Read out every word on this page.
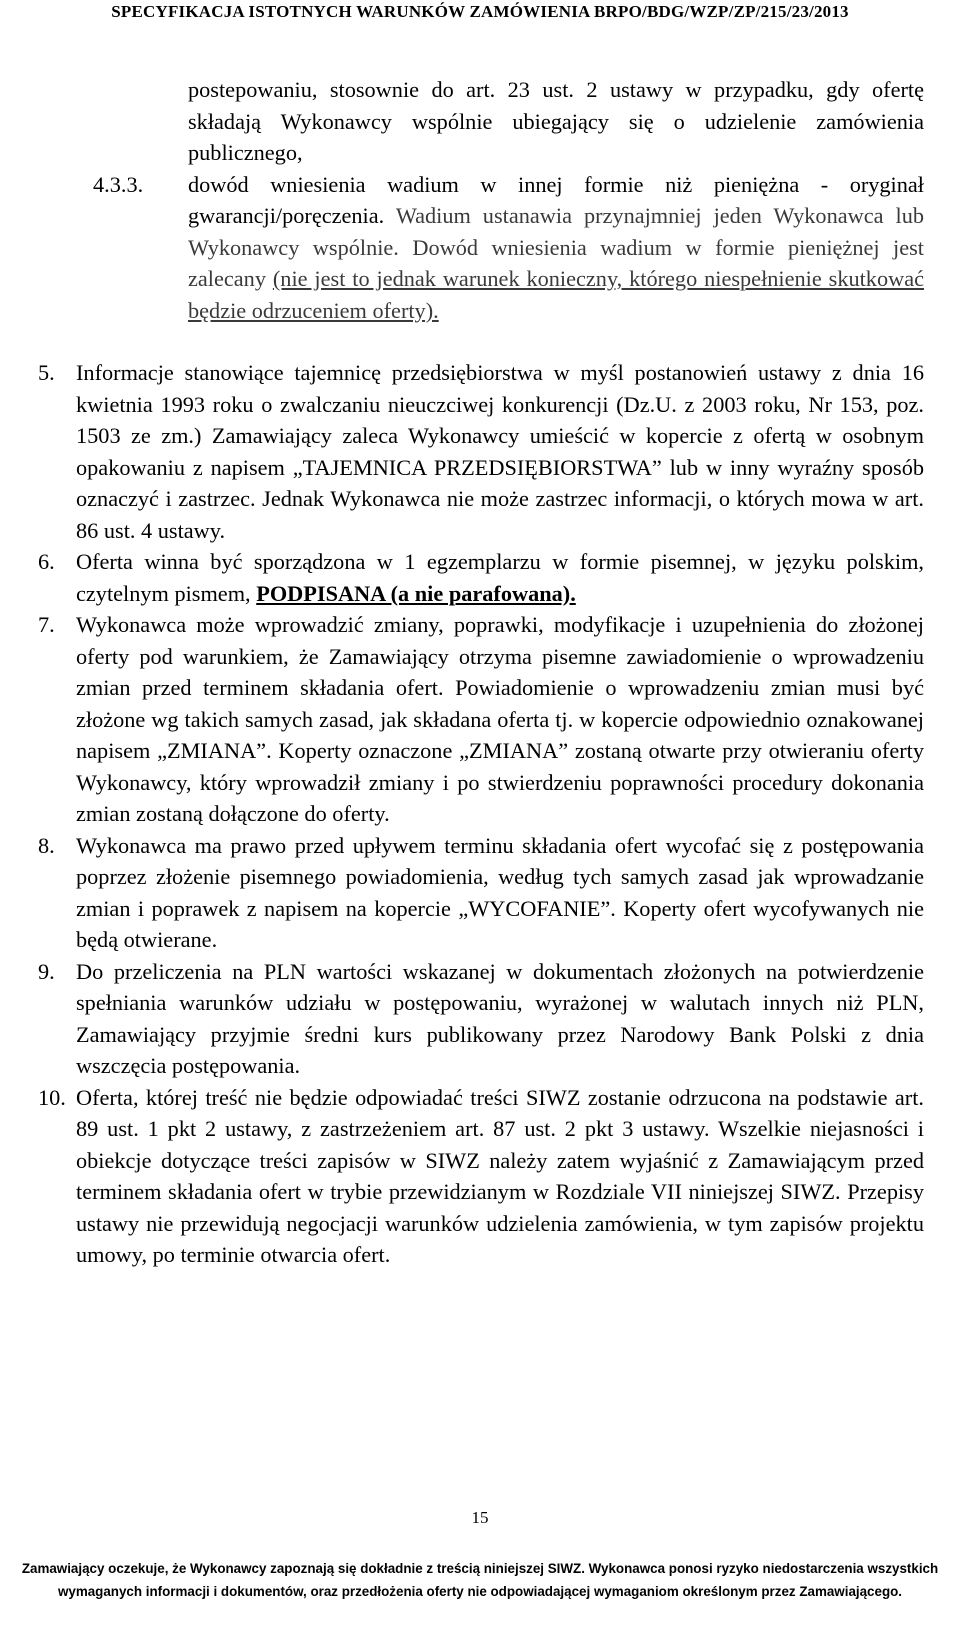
SPECYFIKACJA ISTOTNYCH WARUNKÓW ZAMÓWIENIA BRPO/BDG/WZP/ZP/215/23/2013

postepowaniu, stosownie do art. 23 ust. 2 ustawy w przypadku, gdy ofertę składają Wykonawcy wspólnie ubiegający się o udzielenie zamówienia publicznego,

4.3.3.	dowód wniesienia wadium w innej formie niż pieniężna - oryginał gwarancji/poręczenia. Wadium ustanawia przynajmniej jeden Wykonawca lub Wykonawcy wspólnie. Dowód wniesienia wadium w formie pieniężnej jest zalecany (nie jest to jednak warunek konieczny, którego niespełnienie skutkować będzie odrzuceniem oferty).
5. Informacje stanowiące tajemnicę przedsiębiorstwa w myśl postanowień ustawy z dnia 16 kwietnia 1993 roku o zwalczaniu nieuczciwej konkurencji (Dz.U. z 2003 roku, Nr 153, poz. 1503 ze zm.) Zamawiający zaleca Wykonawcy umieścić w kopercie z ofertą w osobnym opakowaniu z napisem „TAJEMNICA PRZEDSIĘBIORSTWA” lub w inny wyraźny sposób oznaczyć i zastrzec. Jednak Wykonawca nie może zastrzec informacji, o których mowa w art. 86 ust. 4 ustawy.
6. Oferta winna być sporządzona w 1 egzemplarzu w formie pisemnej, w języku polskim, czytelnym pismem, PODPISANA (a nie parafowana).
7. Wykonawca może wprowadzić zmiany, poprawki, modyfikacje i uzupełnienia do złożonej oferty pod warunkiem, że Zamawiający otrzyma pisemne zawiadomienie o wprowadzeniu zmian przed terminem składania ofert. Powiadomienie o wprowadzeniu zmian musi być złożone wg takich samych zasad, jak składana oferta tj. w kopercie odpowiednio oznakowanej napisem „ZMIANA”. Koperty oznaczone „ZMIANA” zostaną otwarte przy otwieraniu oferty Wykonawcy, który wprowadził zmiany i po stwierdzeniu poprawności procedury dokonania zmian zostaną dołączone do oferty.
8. Wykonawca ma prawo przed upływem terminu składania ofert wycofać się z postępowania poprzez złożenie pisemnego powiadomienia, według tych samych zasad jak wprowadzanie zmian i poprawek z napisem na kopercie „WYCOFANIE”. Koperty ofert wycofywanych nie będą otwierane.
9. Do przeliczenia na PLN wartości wskazanej w dokumentach złożonych na potwierdzenie spełniania warunków udziału w postępowaniu, wyrażonej w walutach innych niż PLN, Zamawiający przyjmie średni kurs publikowany przez Narodowy Bank Polski z dnia wszczęcia postępowania.
10. Oferta, której treść nie będzie odpowiadać treści SIWZ zostanie odrzucona na podstawie art. 89 ust. 1 pkt 2 ustawy, z zastrzeżeniem art. 87 ust. 2 pkt 3 ustawy. Wszelkie niejasności i obiekcje dotyczące treści zapisów w SIWZ należy zatem wyjaśnić z Zamawiającym przed terminem składania ofert w trybie przewidzianym w Rozdziale VII niniejszej SIWZ. Przepisy ustawy nie przewidują negocjacji warunków udzielenia zamówienia, w tym zapisów projektu umowy, po terminie otwarcia ofert.
15
Zamawiający oczekuje, że Wykonawcy zapoznają się dokładnie z treścią niniejszej SIWZ. Wykonawca ponosi ryzyko niedostarczenia wszystkich
wymaganych informacji i dokumentów, oraz przedłożenia oferty nie odpowiadającej wymaganiom określonym przez Zamawiającego.
